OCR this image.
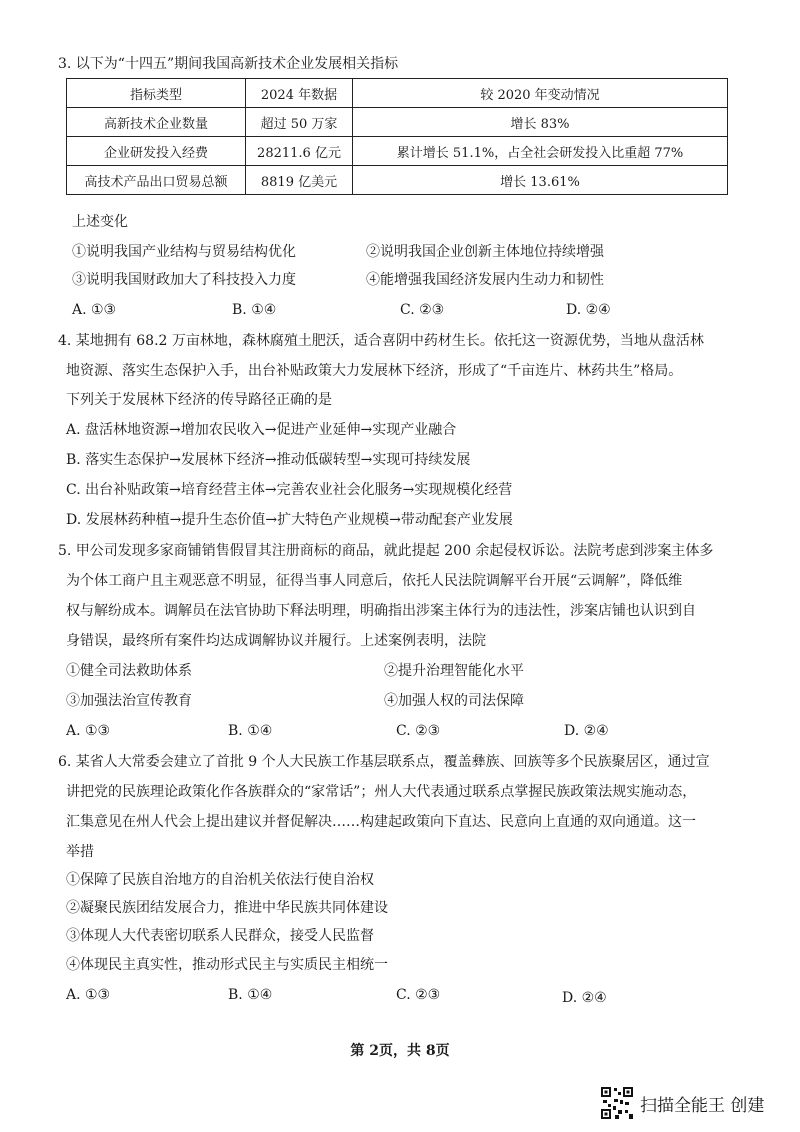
3. 以下为“十四五”期间我国高新技术企业发展相关指标
指标类型	2024 年数据	较 2020 年变动情况
高新技术企业数量	超过 50 万家	增长 83%
企业研发投入经费	28211.6 亿元	累计增长 51.1%，占全社会研发投入比重超 77%
高技术产品出口贸易总额	8819 亿美元	增长 13.61%
上述变化
①说明我国产业结构与贸易结构优化	②说明我国企业创新主体地位持续增强
③说明我国财政加大了科技投入力度	④能增强我国经济发展内生动力和韧性
A. ①③	B. ①④	C. ②③	D. ②④
4. 某地拥有 68.2 万亩林地，森林腐殖土肥沃，适合喜阴中药材生长。依托这一资源优势，当地从盘活林
地资源、落实生态保护入手，出台补贴政策大力发展林下经济，形成了“千亩连片、林药共生”格局。
下列关于发展林下经济的传导路径正确的是
A. 盘活林地资源→增加农民收入→促进产业延伸→实现产业融合
B. 落实生态保护→发展林下经济→推动低碳转型→实现可持续发展
C. 出台补贴政策→培育经营主体→完善农业社会化服务→实现规模化经营
D. 发展林药种植→提升生态价值→扩大特色产业规模→带动配套产业发展
5. 甲公司发现多家商铺销售假冒其注册商标的商品，就此提起 200 余起侵权诉讼。法院考虑到涉案主体多
为个体工商户且主观恶意不明显，征得当事人同意后，依托人民法院调解平台开展“云调解”，降低维
权与解纷成本。调解员在法官协助下释法明理，明确指出涉案主体行为的违法性，涉案店铺也认识到自
身错误，最终所有案件均达成调解协议并履行。上述案例表明，法院
①健全司法救助体系	②提升治理智能化水平
③加强法治宣传教育	④加强人权的司法保障
A. ①③	B. ①④	C. ②③	D. ②④
6. 某省人大常委会建立了首批 9 个人大民族工作基层联系点，覆盖彝族、回族等多个民族聚居区，通过宣
讲把党的民族理论政策化作各族群众的“家常话”；州人大代表通过联系点掌握民族政策法规实施动态，
汇集意见在州人代会上提出建议并督促解决……构建起政策向下直达、民意向上直通的双向通道。这一
举措
①保障了民族自治地方的自治机关依法行使自治权
②凝聚民族团结发展合力，推进中华民族共同体建设
③体现人大代表密切联系人民群众，接受人民监督
④体现民主真实性，推动形式民主与实质民主相统一
A. ①③	B. ①④	C. ②③	D. ②④
第 2页，共 8页
扫描全能王 创建
